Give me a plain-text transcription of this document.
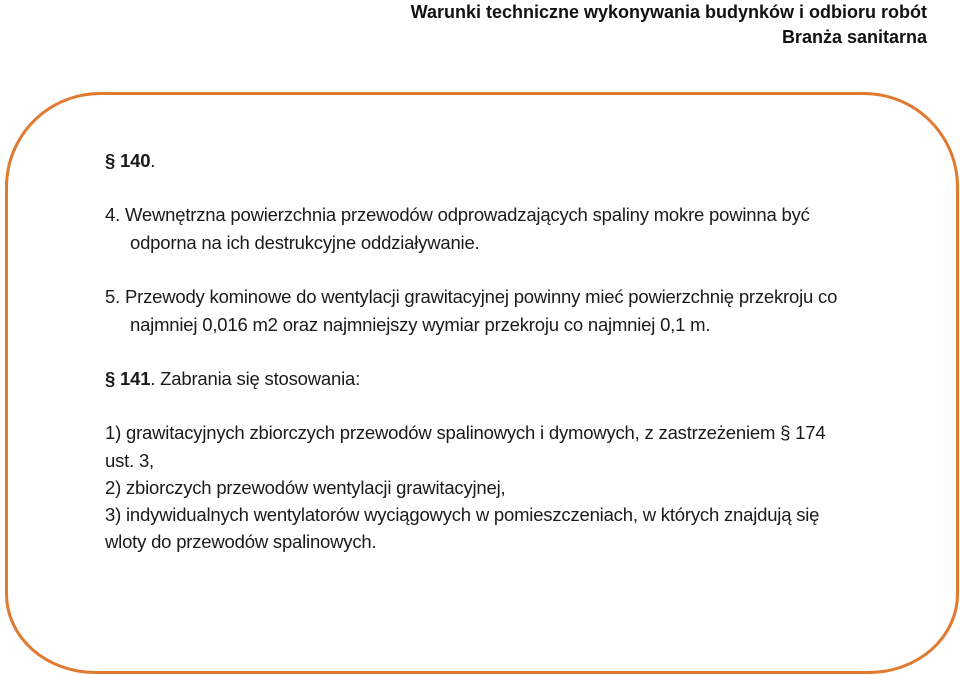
Warunki techniczne wykonywania budynków i odbioru robót
Branża sanitarna
§ 140.
4. Wewnętrzna powierzchnia przewodów odprowadzających spaliny mokre powinna być
odporna na ich destrukcyjne oddziaływanie.
5. Przewody kominowe do wentylacji grawitacyjnej powinny mieć powierzchnię przekroju co
najmniej 0,016 m2 oraz najmniejszy wymiar przekroju co najmniej 0,1 m.
§ 141. Zabrania się stosowania:
1) grawitacyjnych zbiorczych przewodów spalinowych i dymowych, z zastrzeżeniem § 174
ust. 3,
2) zbiorczych przewodów wentylacji grawitacyjnej,
3) indywidualnych wentylatorów wyciągowych w pomieszczeniach, w których znajdują się
wloty do przewodów spalinowych.
